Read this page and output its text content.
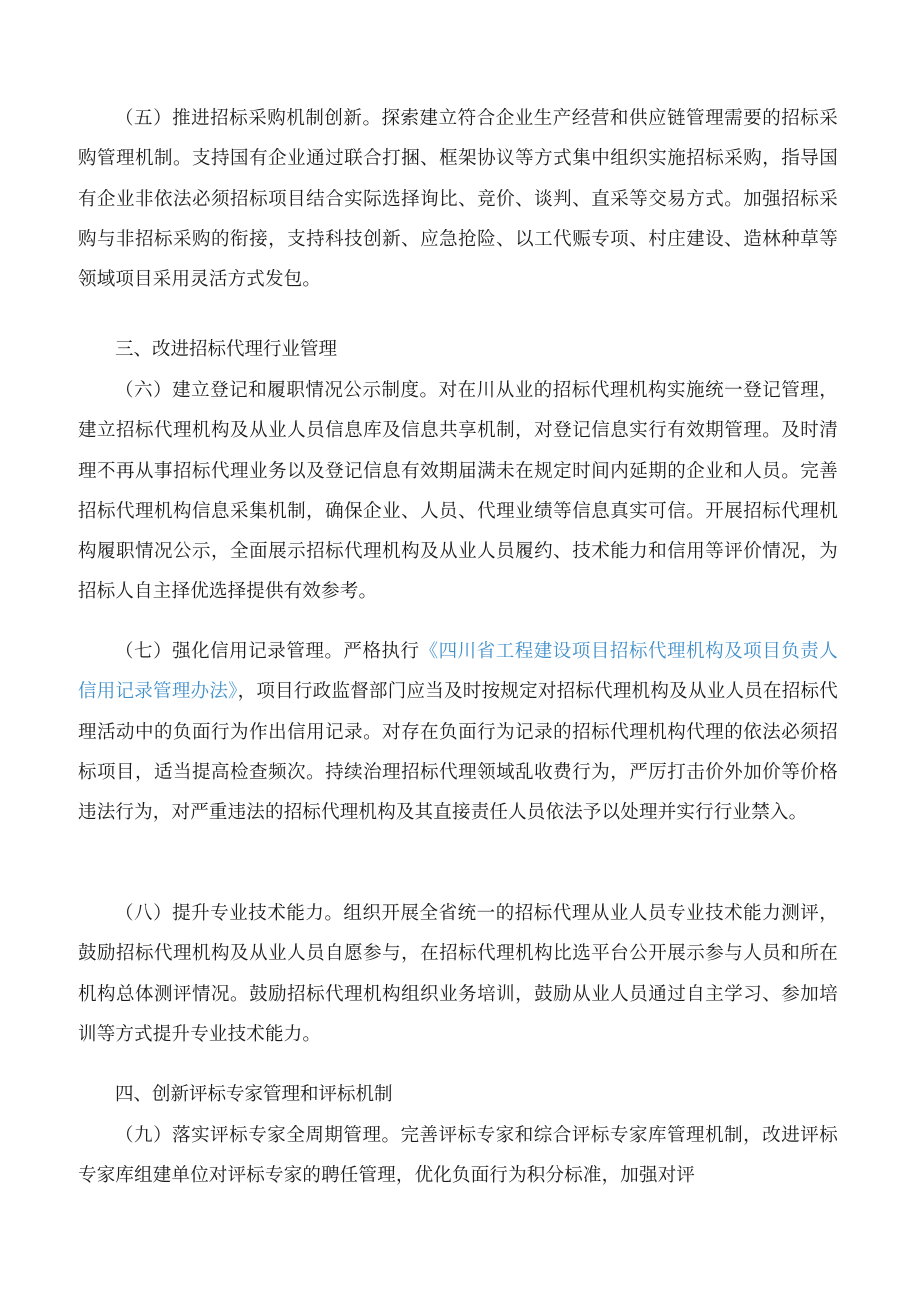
（五）推进招标采购机制创新。探索建立符合企业生产经营和供应链管理需要的招标采购管理机制。支持国有企业通过联合打捆、框架协议等方式集中组织实施招标采购，指导国有企业非依法必须招标项目结合实际选择询比、竞价、谈判、直采等交易方式。加强招标采购与非招标采购的衔接，支持科技创新、应急抢险、以工代赈专项、村庄建设、造林种草等领域项目采用灵活方式发包。

三、改进招标代理行业管理

（六）建立登记和履职情况公示制度。对在川从业的招标代理机构实施统一登记管理，建立招标代理机构及从业人员信息库及信息共享机制，对登记信息实行有效期管理。及时清理不再从事招标代理业务以及登记信息有效期届满未在规定时间内延期的企业和人员。完善招标代理机构信息采集机制，确保企业、人员、代理业绩等信息真实可信。开展招标代理机构履职情况公示，全面展示招标代理机构及从业人员履约、技术能力和信用等评价情况，为招标人自主择优选择提供有效参考。

（七）强化信用记录管理。严格执行《四川省工程建设项目招标代理机构及项目负责人信用记录管理办法》，项目行政监督部门应当及时按规定对招标代理机构及从业人员在招标代理活动中的负面行为作出信用记录。对存在负面行为记录的招标代理机构代理的依法必须招标项目，适当提高检查频次。持续治理招标代理领域乱收费行为，严厉打击价外加价等价格违法行为，对严重违法的招标代理机构及其直接责任人员依法予以处理并实行行业禁入。

（八）提升专业技术能力。组织开展全省统一的招标代理从业人员专业技术能力测评，鼓励招标代理机构及从业人员自愿参与，在招标代理机构比选平台公开展示参与人员和所在机构总体测评情况。鼓励招标代理机构组织业务培训，鼓励从业人员通过自主学习、参加培训等方式提升专业技术能力。

四、创新评标专家管理和评标机制

（九）落实评标专家全周期管理。完善评标专家和综合评标专家库管理机制，改进评标专家库组建单位对评标专家的聘任管理，优化负面行为积分标准，加强对评
